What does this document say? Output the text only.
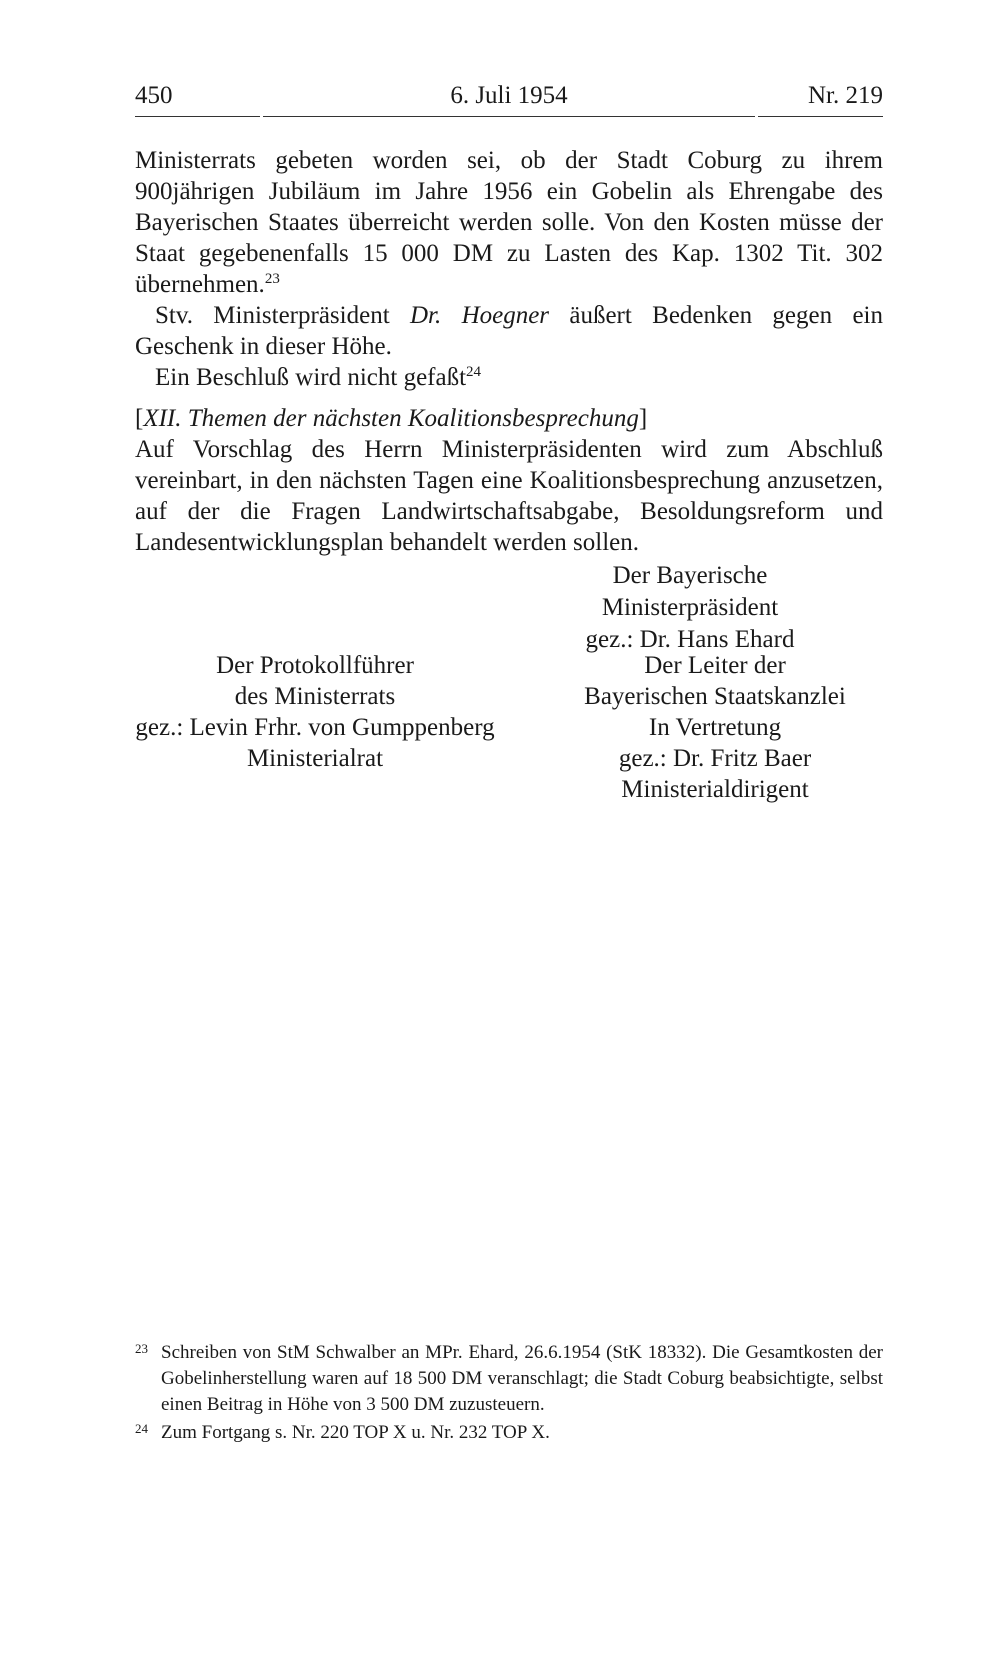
450	6. Juli 1954	Nr. 219

Ministerrats gebeten worden sei, ob der Stadt Coburg zu ihrem 900jährigen Jubiläum im Jahre 1956 ein Gobelin als Ehrengabe des Bayerischen Staates überreicht werden solle. Von den Kosten müsse der Staat gegebenenfalls 15 000 DM zu Lasten des Kap. 1302 Tit. 302 übernehmen.$^{23}$

Stv. Ministerpräsident Dr. Hoegner äußert Bedenken gegen ein Geschenk in dieser Höhe.

Ein Beschluß wird nicht gefaßt$^{24}$

[XII. Themen der nächsten Koalitionsbesprechung]

Auf Vorschlag des Herrn Ministerpräsidenten wird zum Abschluß vereinbart, in den nächsten Tagen eine Koalitionsbesprechung anzusetzen, auf der die Fragen Landwirtschaftsabgabe, Besoldungsreform und Landesentwicklungsplan behandelt werden sollen.

Der Bayerische Ministerpräsident
gez.: Dr. Hans Ehard
Der Protokollführer
des Ministerrats
gez.: Levin Frhr. von Gumppenberg
Ministerialrat
Der Leiter der
Bayerischen Staatskanzlei
In Vertretung
gez.: Dr. Fritz Baer
Ministerialdirigent

23 Schreiben von StM Schwalber an MPr. Ehard, 26.6.1954 (StK 18332). Die Gesamtkosten der Gobelinherstellung waren auf 18 500 DM veranschlagt; die Stadt Coburg beabsichtigte, selbst einen Beitrag in Höhe von 3 500 DM zuzusteuern.

24 Zum Fortgang s. Nr. 220 TOP X u. Nr. 232 TOP X.
